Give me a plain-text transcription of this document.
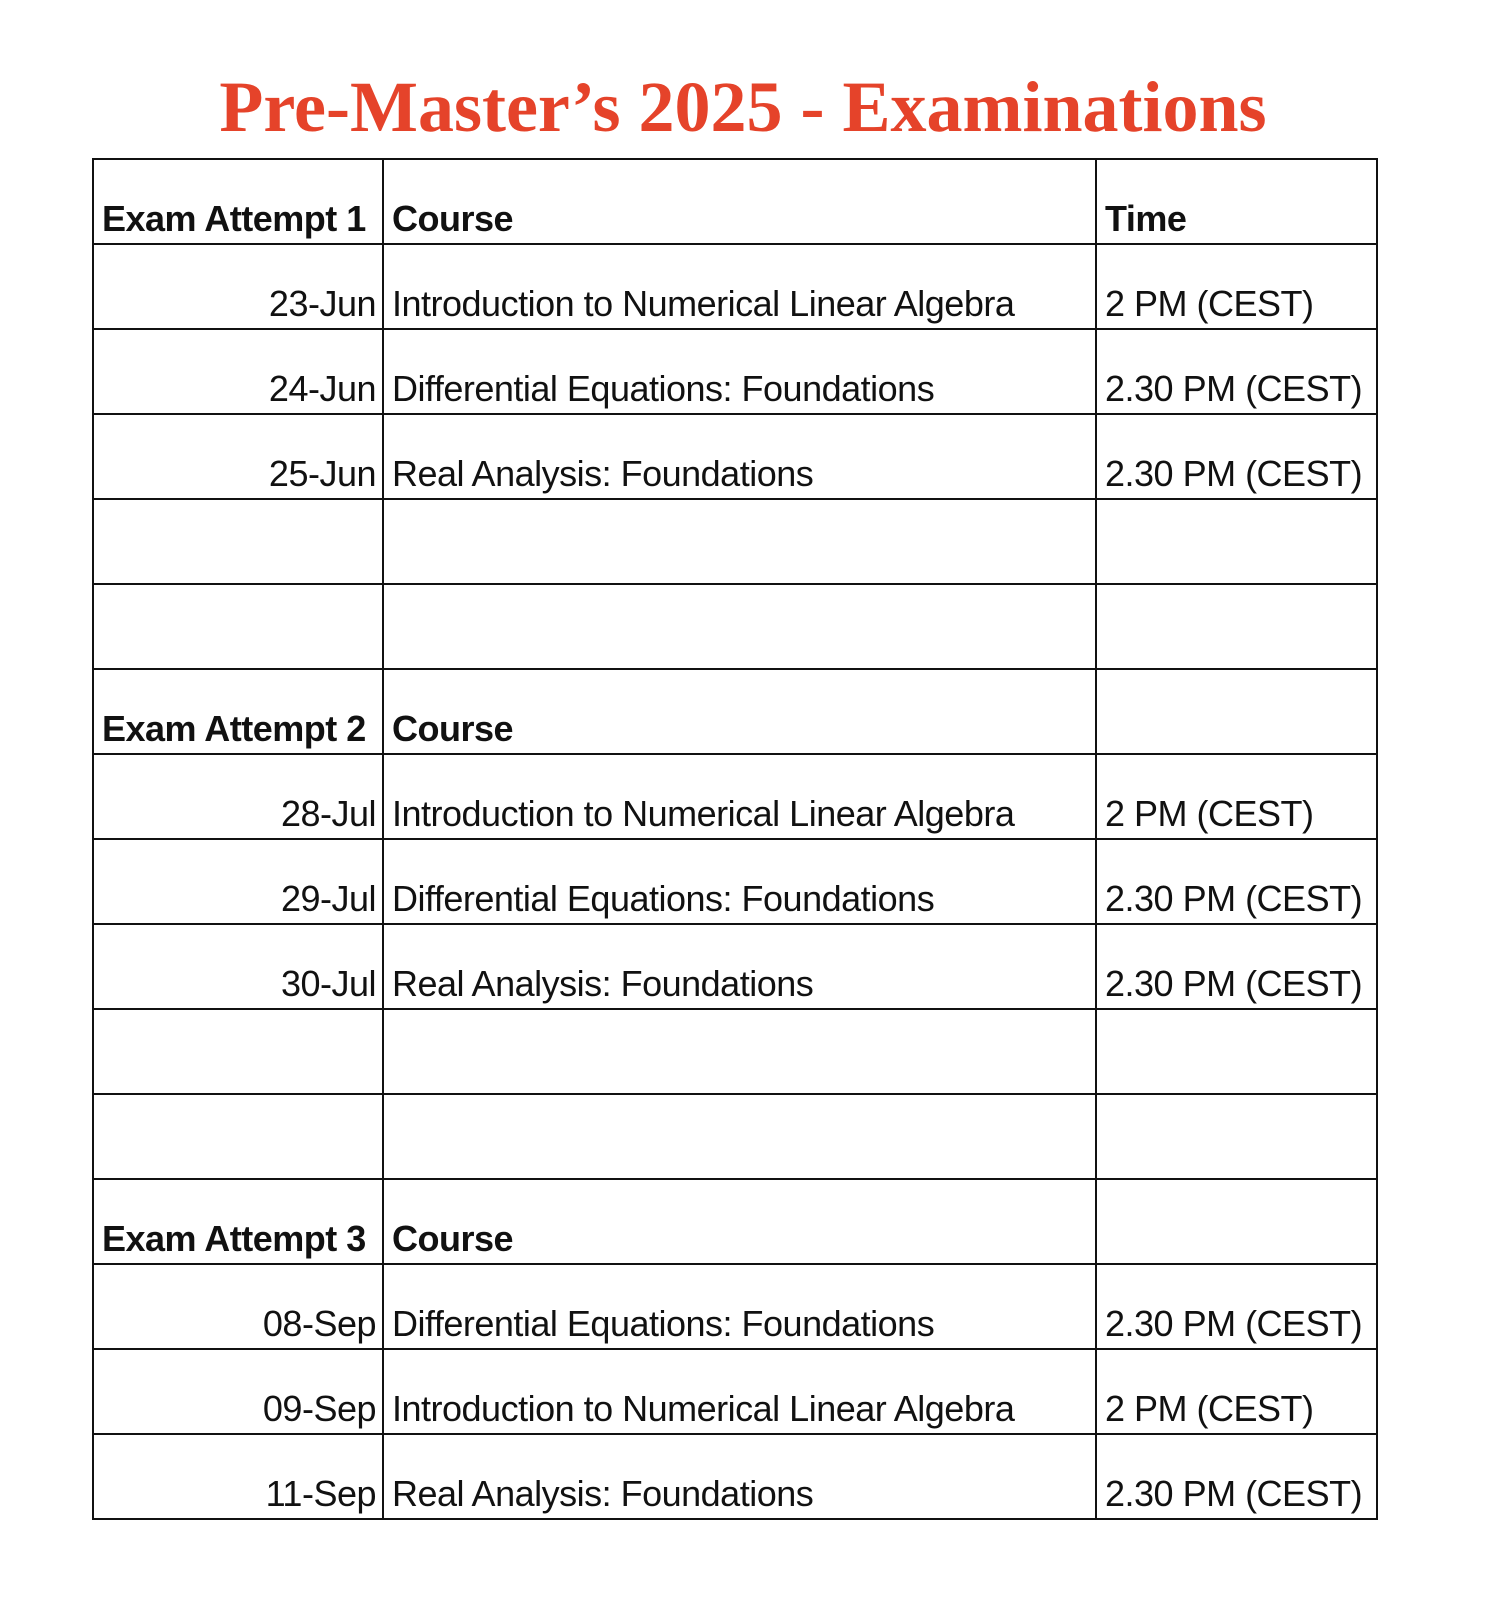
Pre-Master’s 2025 - Examinations
Exam Attempt 1	Course	Time
23-Jun	Introduction to Numerical Linear Algebra	2 PM (CEST)
24-Jun	Differential Equations: Foundations	2.30 PM (CEST)
25-Jun	Real Analysis: Foundations	2.30 PM (CEST)

Exam Attempt 2	Course	
28-Jul	Introduction to Numerical Linear Algebra	2 PM (CEST)
29-Jul	Differential Equations: Foundations	2.30 PM (CEST)
30-Jul	Real Analysis: Foundations	2.30 PM (CEST)

Exam Attempt 3	Course	
08-Sep	Differential Equations: Foundations	2.30 PM (CEST)
09-Sep	Introduction to Numerical Linear Algebra	2 PM (CEST)
11-Sep	Real Analysis: Foundations	2.30 PM (CEST)
